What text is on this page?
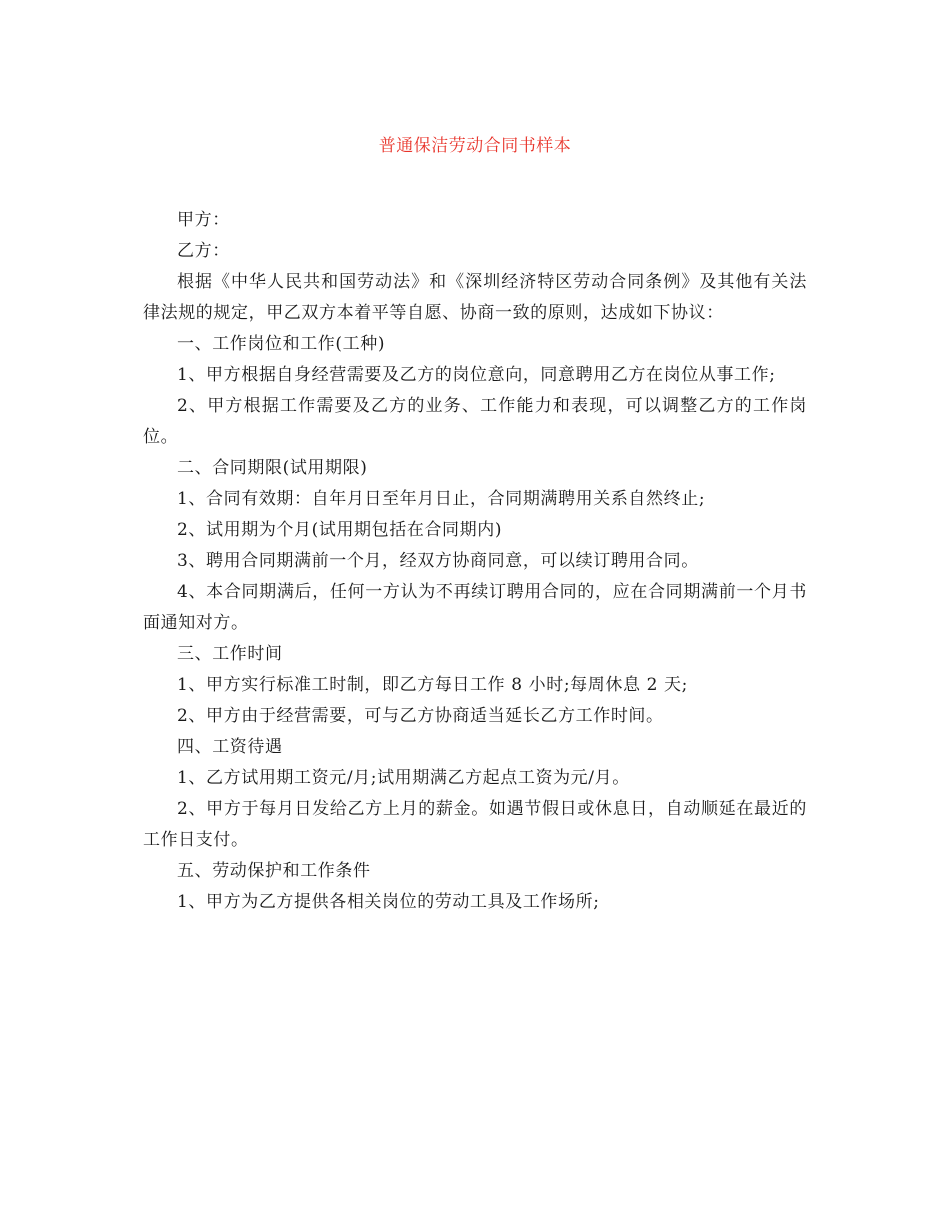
普通保洁劳动合同书样本

甲方：

乙方：

根据《中华人民共和国劳动法》和《深圳经济特区劳动合同条例》及其他有关法律法规的规定，甲乙双方本着平等自愿、协商一致的原则，达成如下协议：

一、工作岗位和工作(工种)

1、甲方根据自身经营需要及乙方的岗位意向，同意聘用乙方在岗位从事工作;

2、甲方根据工作需要及乙方的业务、工作能力和表现，可以调整乙方的工作岗位。

二、合同期限(试用期限)

1、合同有效期：自年月日至年月日止，合同期满聘用关系自然终止;

2、试用期为个月(试用期包括在合同期内)

3、聘用合同期满前一个月，经双方协商同意，可以续订聘用合同。

4、本合同期满后，任何一方认为不再续订聘用合同的，应在合同期满前一个月书面通知对方。

三、工作时间

1、甲方实行标准工时制，即乙方每日工作 8 小时;每周休息 2 天;

2、甲方由于经营需要，可与乙方协商适当延长乙方工作时间。

四、工资待遇

1、乙方试用期工资元/月;试用期满乙方起点工资为元/月。

2、甲方于每月日发给乙方上月的薪金。如遇节假日或休息日，自动顺延在最近的工作日支付。

五、劳动保护和工作条件

1、甲方为乙方提供各相关岗位的劳动工具及工作场所;
